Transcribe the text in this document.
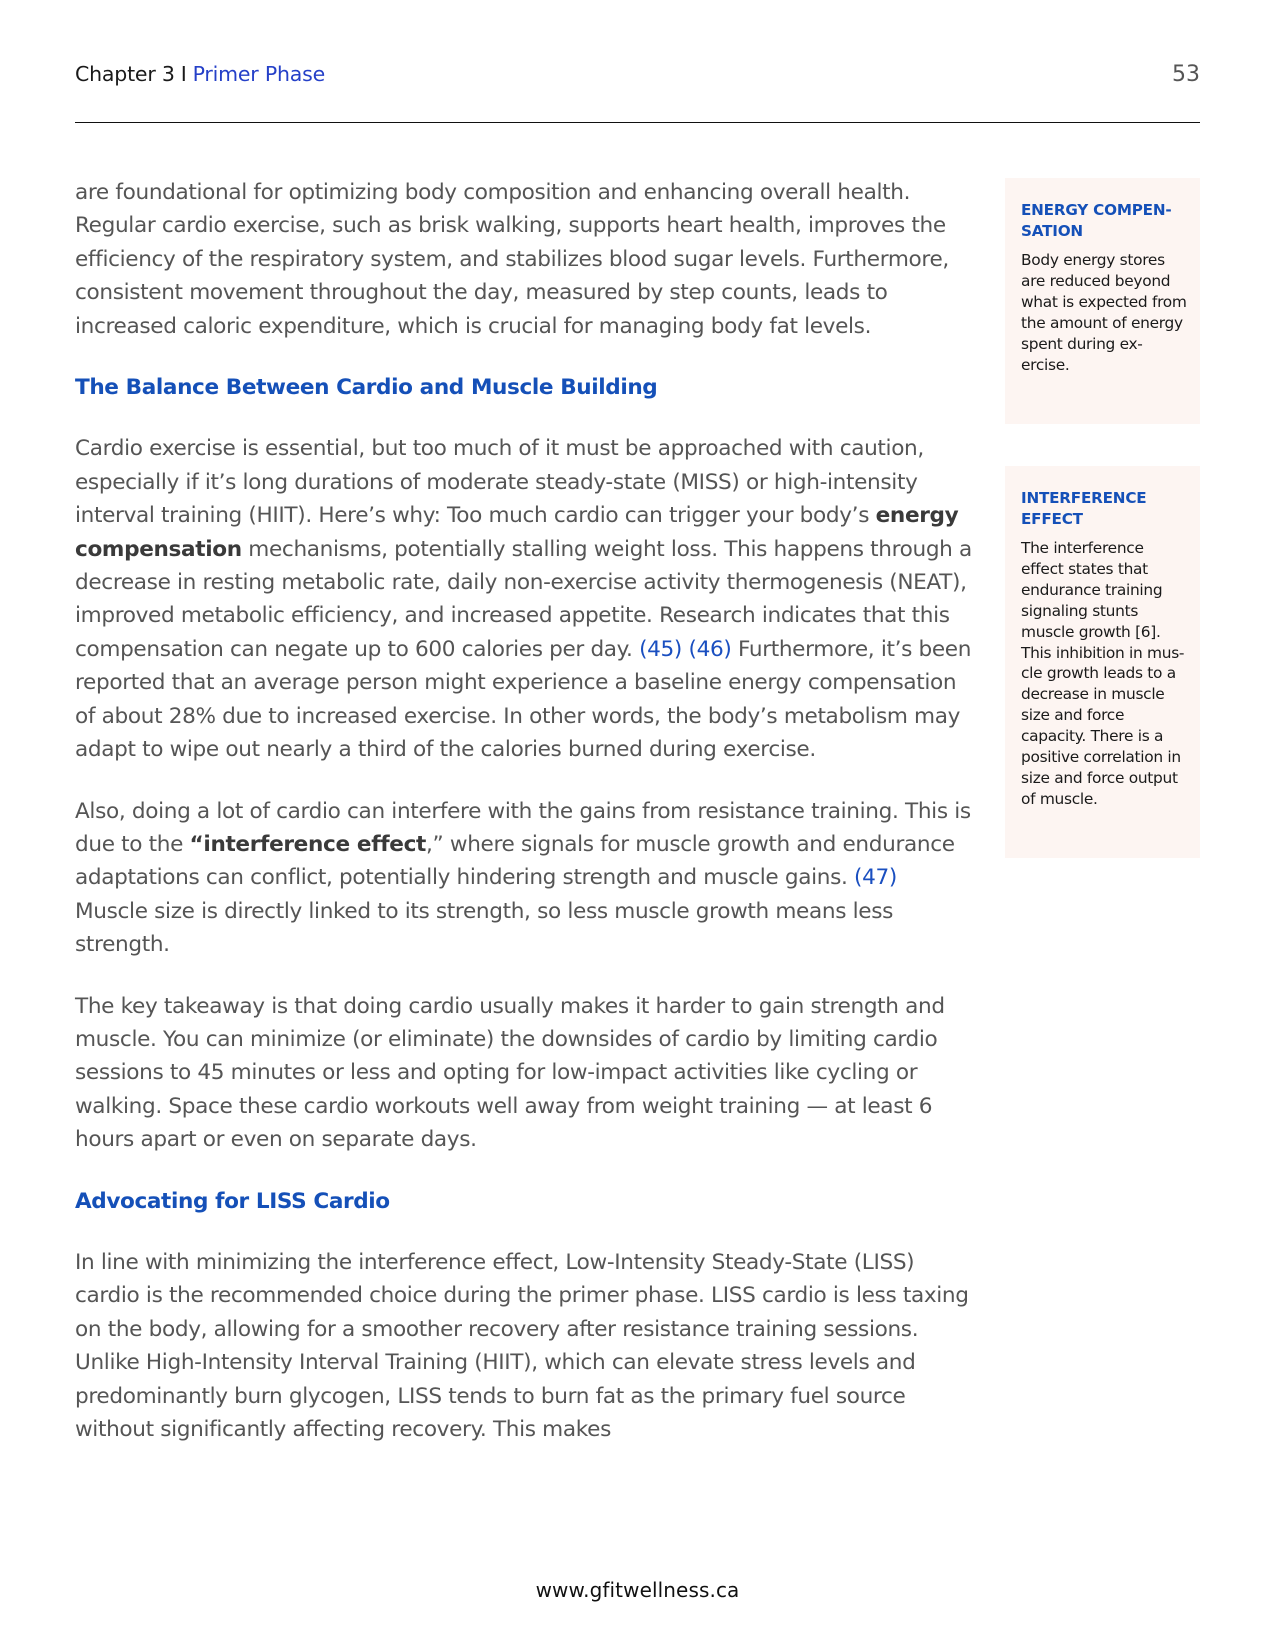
Chapter 3 I Primer Phase	53

are foundational for optimizing body composition and enhancing overall health. Regular cardio exercise, such as brisk walking, supports heart health, improves the efficiency of the respiratory system, and stabilizes blood sugar levels. Furthermore, consistent movement throughout the day, measured by step counts, leads to increased caloric expenditure, which is crucial for managing body fat levels.

The Balance Between Cardio and Muscle Building

Cardio exercise is essential, but too much of it must be approached with caution, especially if it’s long durations of moderate steady-state (MISS) or high-intensity interval training (HIIT). Here’s why: Too much cardio can trigger your body’s energy compensation mechanisms, potentially stalling weight loss. This happens through a decrease in resting metabolic rate, daily non-exercise activity thermogenesis (NEAT), improved metabolic efficiency, and increased appetite. Research indicates that this compensation can negate up to 600 calories per day. (45) (46) Furthermore, it’s been reported that an average person might experience a baseline energy compensation of about 28% due to increased exercise. In other words, the body’s metabolism may adapt to wipe out nearly a third of the calories burned during exercise.

Also, doing a lot of cardio can interfere with the gains from resistance training. This is due to the “interference effect,” where signals for muscle growth and endurance adaptations can conflict, potentially hindering strength and muscle gains. (47) Muscle size is directly linked to its strength, so less muscle growth means less strength.

The key takeaway is that doing cardio usually makes it harder to gain strength and muscle. You can minimize (or eliminate) the downsides of cardio by limiting cardio sessions to 45 minutes or less and opting for low-impact activities like cycling or walking. Space these cardio workouts well away from weight training — at least 6 hours apart or even on separate days.

Advocating for LISS Cardio

In line with minimizing the interference effect, Low-Intensity Steady-State (LISS) cardio is the recommended choice during the primer phase. LISS cardio is less taxing on the body, allowing for a smoother recovery after resistance training sessions. Unlike High-Intensity Interval Training (HIIT), which can elevate stress levels and predominantly burn glycogen, LISS tends to burn fat as the primary fuel source without significantly affecting recovery. This makes

ENERGY COMPEN-SATION
Body energy stores are reduced beyond what is expected from the amount of energy spent during ex-ercise.
INTERFERENCE EFFECT
The interference effect states that endurance training signaling stunts muscle growth [6]. This inhibition in mus-cle growth leads to a decrease in muscle size and force capacity. There is a positive correlation in size and force output of muscle.
www.gfitwellness.ca
